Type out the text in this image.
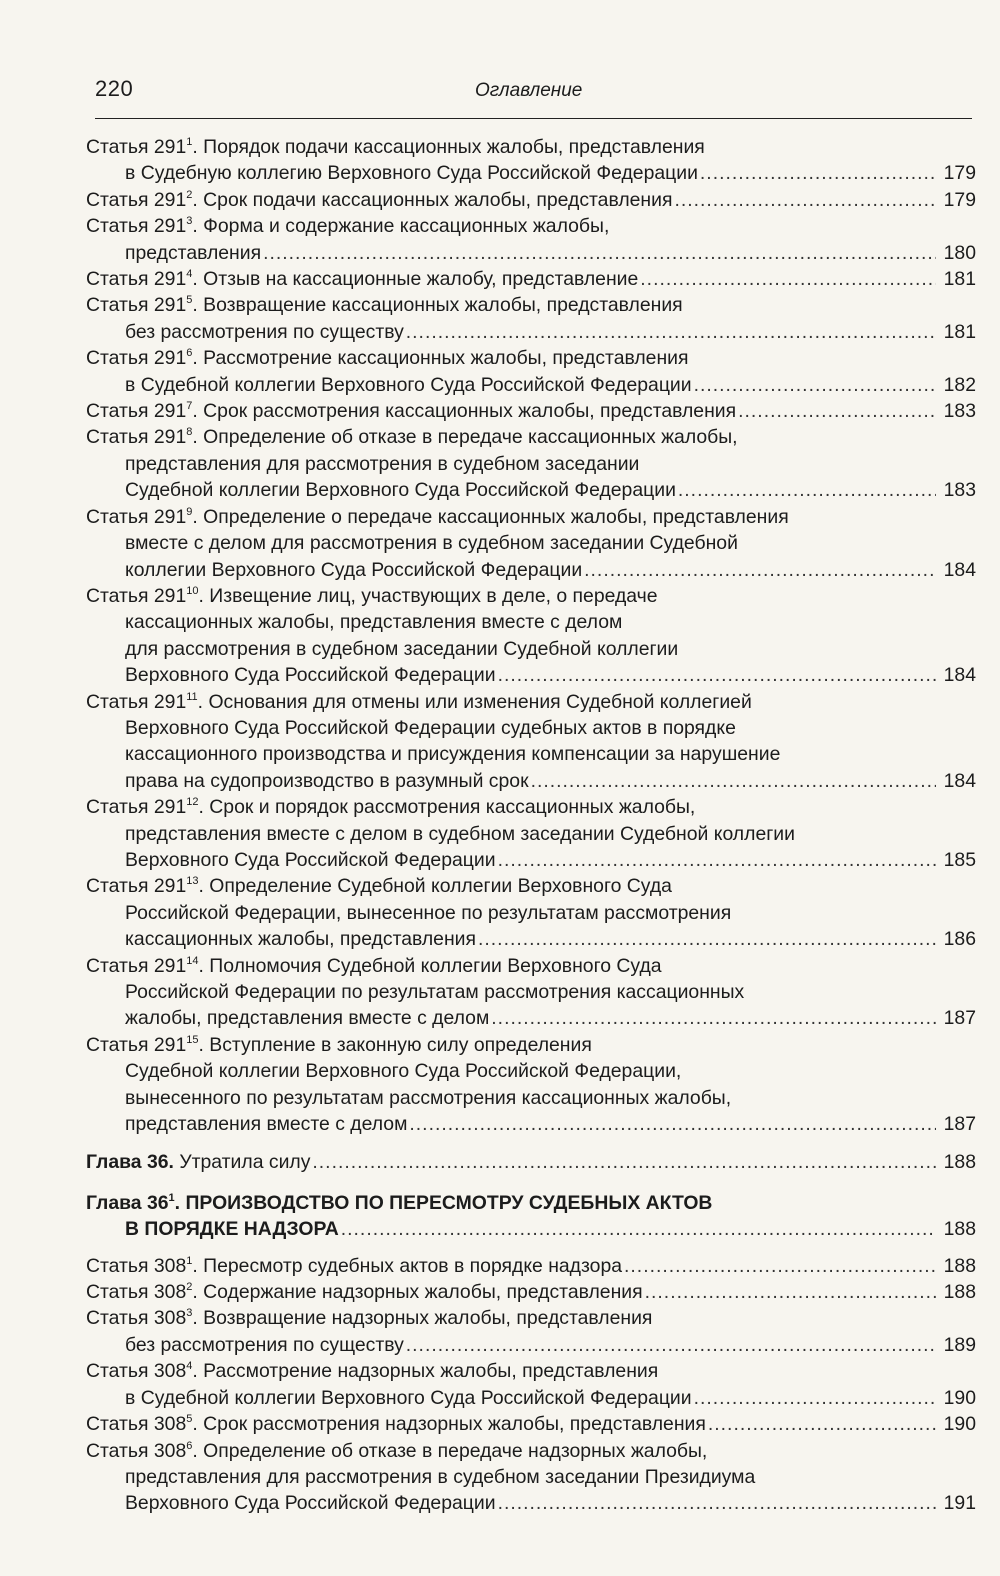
220	Оглавление
Статья $291^1$. Порядок подачи кассационных жалобы, представления
в Судебную коллегию Верховного Суда Российской Федерации .....	179
Статья $291^2$. Срок подачи кассационных жалобы, представления .....	179
Статья $291^3$. Форма и содержание кассационных жалобы,
представления .....	180
Статья $291^4$. Отзыв на кассационные жалобу, представление .....	181
Статья $291^5$. Возвращение кассационных жалобы, представления
без рассмотрения по существу .....	181
Статья $291^6$. Рассмотрение кассационных жалобы, представления
в Судебной коллегии Верховного Суда Российской Федерации .....	182
Статья $291^7$. Срок рассмотрения кассационных жалобы, представления .....	183
Статья $291^8$. Определение об отказе в передаче кассационных жалобы,
представления для рассмотрения в судебном заседании
Судебной коллегии Верховного Суда Российской Федерации .....	183
Статья $291^9$. Определение о передаче кассационных жалобы, представления
вместе с делом для рассмотрения в судебном заседании Судебной
коллегии Верховного Суда Российской Федерации .....	184
Статья $291^{10}$. Извещение лиц, участвующих в деле, о передаче
кассационных жалобы, представления вместе с делом
для рассмотрения в судебном заседании Судебной коллегии
Верховного Суда Российской Федерации .....	184
Статья $291^{11}$. Основания для отмены или изменения Судебной коллегией
Верховного Суда Российской Федерации судебных актов в порядке
кассационного производства и присуждения компенсации за нарушение
права на судопроизводство в разумный срок .....	184
Статья $291^{12}$. Срок и порядок рассмотрения кассационных жалобы,
представления вместе с делом в судебном заседании Судебной коллегии
Верховного Суда Российской Федерации .....	185
Статья $291^{13}$. Определение Судебной коллегии Верховного Суда
Российской Федерации, вынесенное по результатам рассмотрения
кассационных жалобы, представления .....	186
Статья $291^{14}$. Полномочия Судебной коллегии Верховного Суда
Российской Федерации по результатам рассмотрения кассационных
жалобы, представления вместе с делом .....	187
Статья $291^{15}$. Вступление в законную силу определения
Судебной коллегии Верховного Суда Российской Федерации,
вынесенного по результатам рассмотрения кассационных жалобы,
представления вместе с делом .....	187
Глава 36. Утратила силу .....	188
Глава $36^1$. ПРОИЗВОДСТВО ПО ПЕРЕСМОТРУ СУДЕБНЫХ АКТОВ
В ПОРЯДКЕ НАДЗОРА .....	188
Статья $308^1$. Пересмотр судебных актов в порядке надзора .....	188
Статья $308^2$. Содержание надзорных жалобы, представления .....	188
Статья $308^3$. Возвращение надзорных жалобы, представления
без рассмотрения по существу .....	189
Статья $308^4$. Рассмотрение надзорных жалобы, представления
в Судебной коллегии Верховного Суда Российской Федерации .....	190
Статья $308^5$. Срок рассмотрения надзорных жалобы, представления .....	190
Статья $308^6$. Определение об отказе в передаче надзорных жалобы,
представления для рассмотрения в судебном заседании Президиума
Верховного Суда Российской Федерации .....	191
